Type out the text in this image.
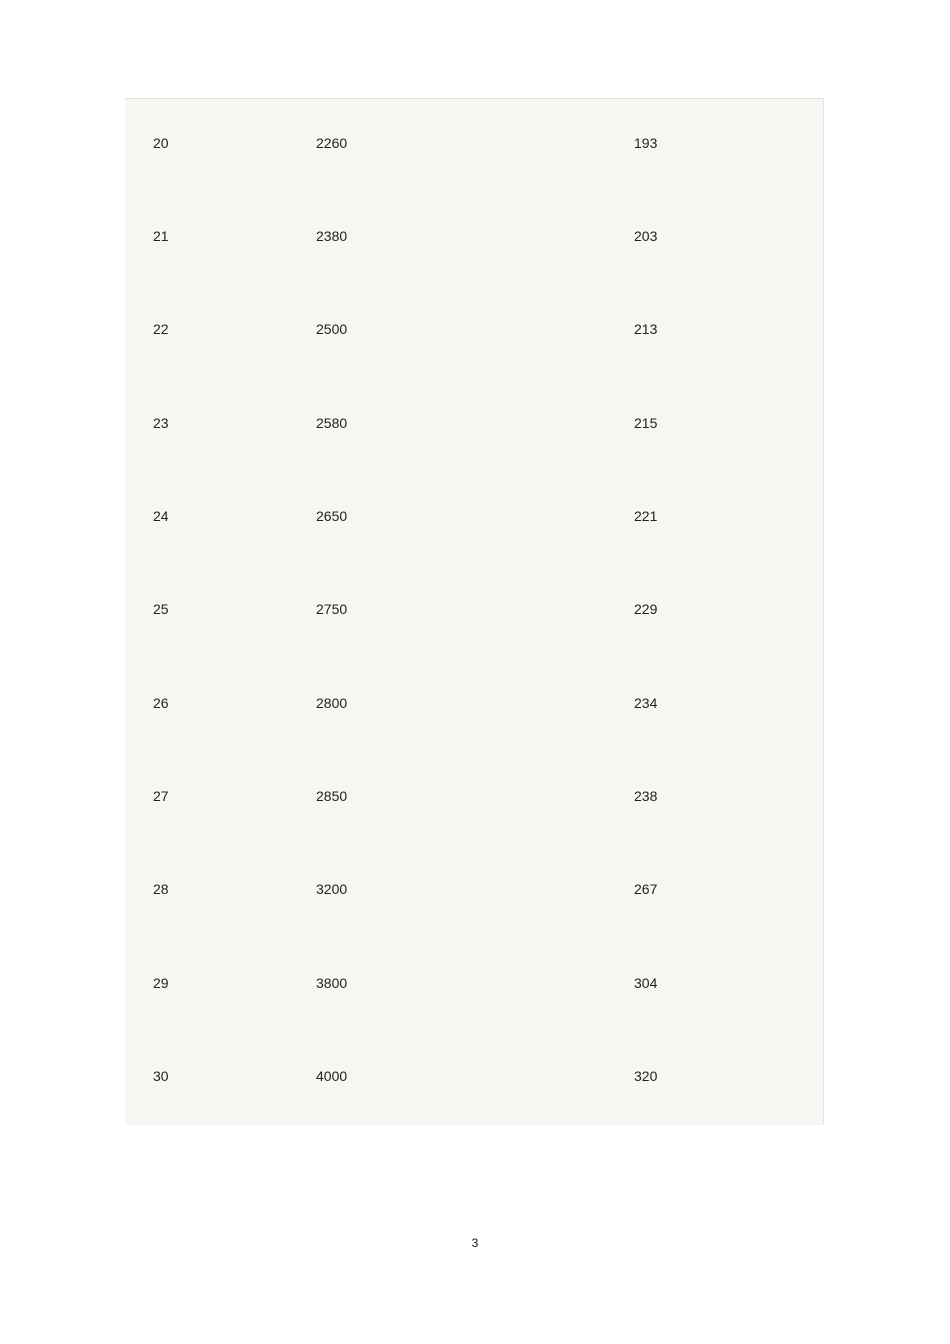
20	2260	193
21	2380	203
22	2500	213
23	2580	215
24	2650	221
25	2750	229
26	2800	234
27	2850	238
28	3200	267
29	3800	304
30	4000	320
3
